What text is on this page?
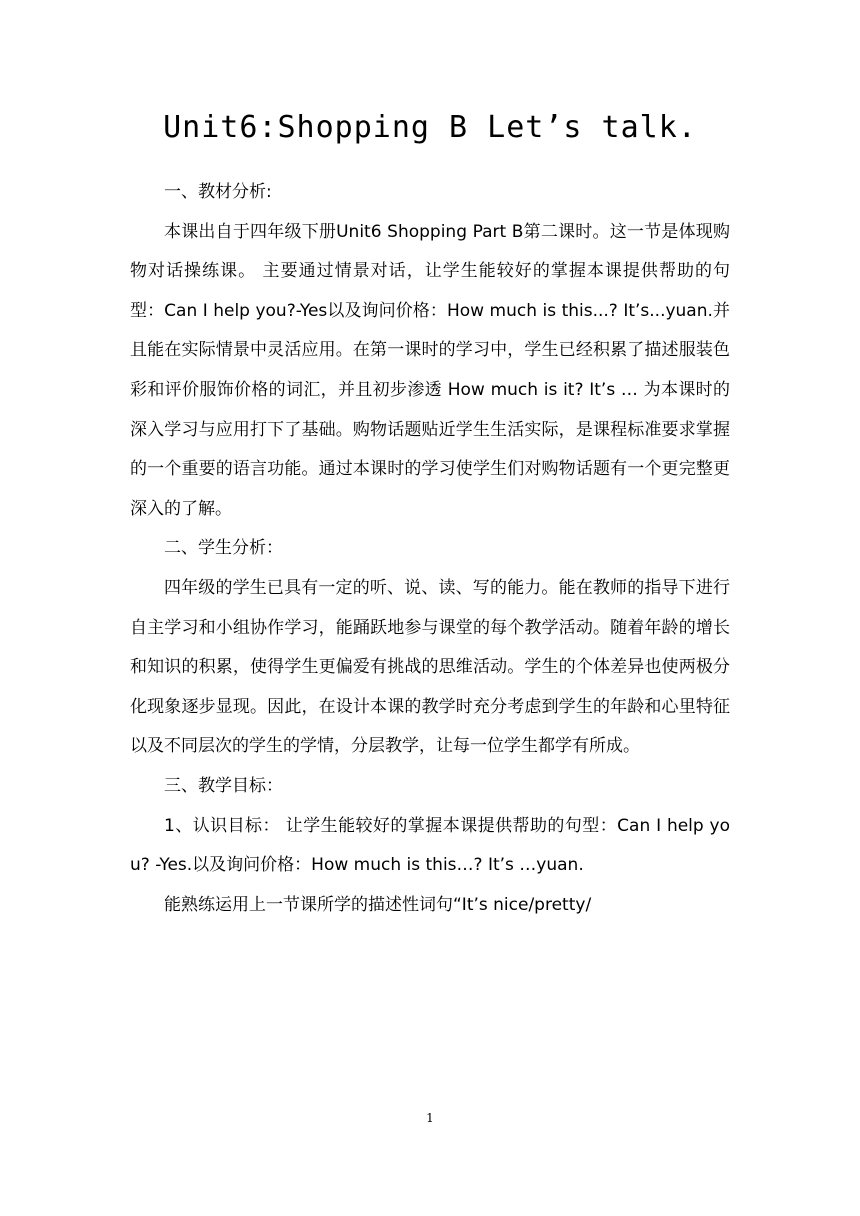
Unit6:Shopping B Let’s talk.

一、教材分析:

本课出自于四年级下册Unit6 Shopping Part B第二课时。这一节是体现购物对话操练课。 主要通过情景对话，让学生能较好的掌握本课提供帮助的句型：Can I help you?-Yes以及询问价格：How much is this...? It’s...yuan.并且能在实际情景中灵活应用。在第一课时的学习中，学生已经积累了描述服装色彩和评价服饰价格的词汇，并且初步渗透 How much is it? It’s … 为本课时的深入学习与应用打下了基础。购物话题贴近学生生活实际，是课程标准要求掌握的一个重要的语言功能。通过本课时的学习使学生们对购物话题有一个更完整更深入的了解。

二、学生分析：

四年级的学生已具有一定的听、说、读、写的能力。能在教师的指导下进行自主学习和小组协作学习，能踊跃地参与课堂的每个教学活动。随着年龄的增长和知识的积累，使得学生更偏爱有挑战的思维活动。学生的个体差异也使两极分化现象逐步显现。因此，在设计本课的教学时充分考虑到学生的年龄和心里特征以及不同层次的学生的学情，分层教学，让每一位学生都学有所成。

三、教学目标：

1、认识目标： 让学生能较好的掌握本课提供帮助的句型：Can I help you? -Yes.以及询问价格：How much is this…? It’s …yuan.

能熟练运用上一节课所学的描述性词句“It’s nice/pretty/

1
